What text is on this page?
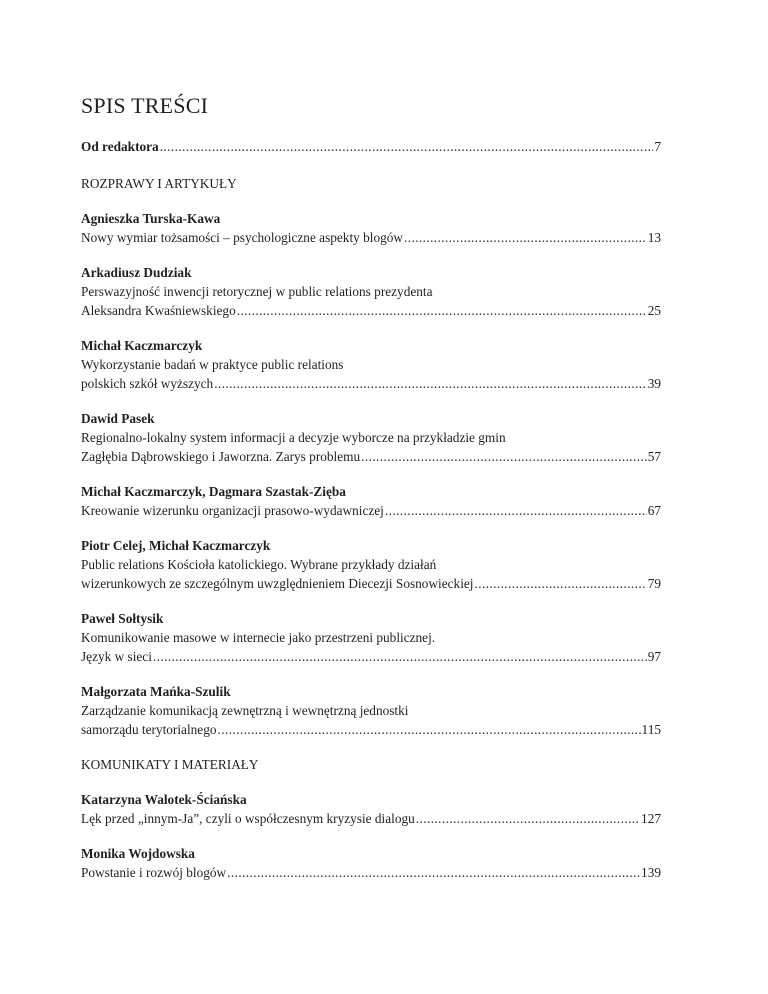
SPIS TREŚCI
Od redaktora .....	7
ROZPRAWY I ARTYKUŁY
Agnieszka Turska-Kawa
Nowy wymiar tożsamości – psychologiczne aspekty blogów .....	13
Arkadiusz Dudziak
Perswazyjność inwencji retorycznej w public relations prezydenta
Aleksandra Kwaśniewskiego .....	25
Michał Kaczmarczyk
Wykorzystanie badań w praktyce public relations
polskich szkół wyższych .....	39
Dawid Pasek
Regionalno-lokalny system informacji a decyzje wyborcze na przykładzie gmin
Zagłębia Dąbrowskiego i Jaworzna. Zarys problemu .....	57
Michał Kaczmarczyk, Dagmara Szastak-Zięba
Kreowanie wizerunku organizacji prasowo-wydawniczej .....	67
Piotr Celej, Michał Kaczmarczyk
Public relations Kościoła katolickiego. Wybrane przykłady działań
wizerunkowych ze szczególnym uwzględnieniem Diecezji Sosnowieckiej .....	79
Paweł Sołtysik
Komunikowanie masowe w internecie jako przestrzeni publicznej.
Język w sieci .....	97
Małgorzata Mańka-Szulik
Zarządzanie komunikacją zewnętrzną i wewnętrzną jednostki
samorządu terytorialnego .....	115
KOMUNIKATY I MATERIAŁY
Katarzyna Walotek-Ściańska
Lęk przed „innym-Ja”, czyli o współczesnym kryzysie dialogu .....	127
Monika Wojdowska
Powstanie i rozwój blogów .....	139
